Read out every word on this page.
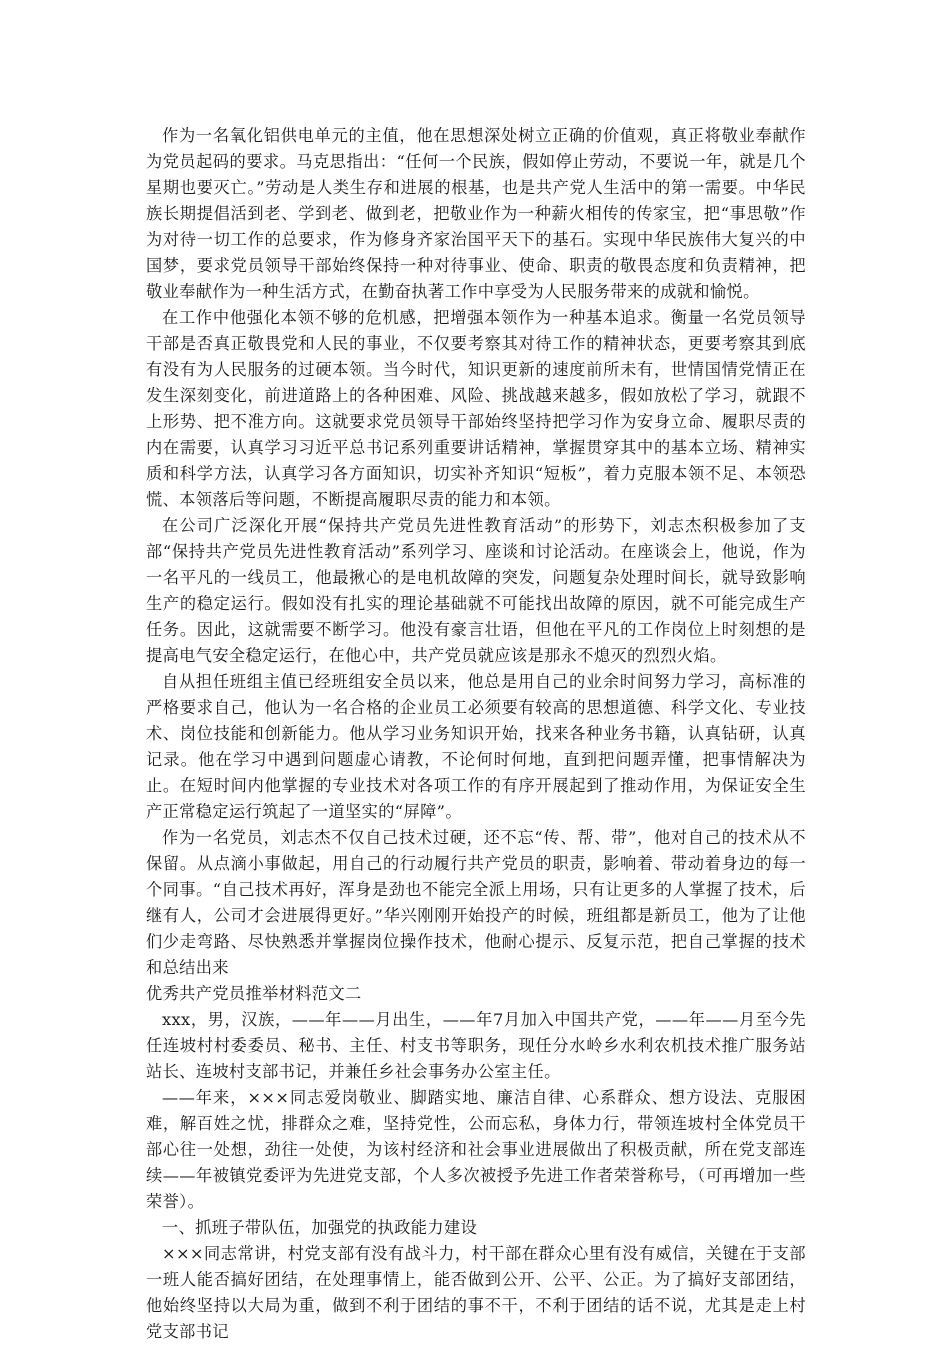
作为一名氧化铝供电单元的主值，他在思想深处树立正确的价值观，真正将敬业奉献作为党员起码的要求。马克思指出：“任何一个民族，假如停止劳动，不要说一年，就是几个星期也要灭亡。”劳动是人类生存和进展的根基，也是共产党人生活中的第一需要。中华民族长期提倡活到老、学到老、做到老，把敬业作为一种薪火相传的传家宝，把“事思敬”作为对待一切工作的总要求，作为修身齐家治国平天下的基石。实现中华民族伟大复兴的中国梦，要求党员领导干部始终保持一种对待事业、使命、职责的敬畏态度和负责精神，把敬业奉献作为一种生活方式，在勤奋执著工作中享受为人民服务带来的成就和愉悦。

在工作中他强化本领不够的危机感，把增强本领作为一种基本追求。衡量一名党员领导干部是否真正敬畏党和人民的事业，不仅要考察其对待工作的精神状态，更要考察其到底有没有为人民服务的过硬本领。当今时代，知识更新的速度前所未有，世情国情党情正在发生深刻变化，前进道路上的各种困难、风险、挑战越来越多，假如放松了学习，就跟不上形势、把不准方向。这就要求党员领导干部始终坚持把学习作为安身立命、履职尽责的内在需要，认真学习习近平总书记系列重要讲话精神，掌握贯穿其中的基本立场、精神实质和科学方法，认真学习各方面知识，切实补齐知识“短板”，着力克服本领不足、本领恐慌、本领落后等问题，不断提高履职尽责的能力和本领。

在公司广泛深化开展“保持共产党员先进性教育活动”的形势下，刘志杰积极参加了支部“保持共产党员先进性教育活动”系列学习、座谈和讨论活动。在座谈会上，他说，作为一名平凡的一线员工，他最揪心的是电机故障的突发，问题复杂处理时间长，就导致影响生产的稳定运行。假如没有扎实的理论基础就不可能找出故障的原因，就不可能完成生产任务。因此，这就需要不断学习。他没有豪言壮语，但他在平凡的工作岗位上时刻想的是提高电气安全稳定运行，在他心中，共产党员就应该是那永不熄灭的烈烈火焰。

自从担任班组主值已经班组安全员以来，他总是用自己的业余时间努力学习，高标准的严格要求自己，他认为一名合格的企业员工必须要有较高的思想道德、科学文化、专业技术、岗位技能和创新能力。他从学习业务知识开始，找来各种业务书籍，认真钻研，认真记录。他在学习中遇到问题虚心请教，不论何时何地，直到把问题弄懂，把事情解决为止。在短时间内他掌握的专业技术对各项工作的有序开展起到了推动作用，为保证安全生产正常稳定运行筑起了一道坚实的“屏障”。

作为一名党员，刘志杰不仅自己技术过硬，还不忘“传、帮、带”，他对自己的技术从不保留。从点滴小事做起，用自己的行动履行共产党员的职责，影响着、带动着身边的每一个同事。“自己技术再好，浑身是劲也不能完全派上用场，只有让更多的人掌握了技术，后继有人，公司才会进展得更好。”华兴刚刚开始投产的时候，班组都是新员工，他为了让他们少走弯路、尽快熟悉并掌握岗位操作技术，他耐心提示、反复示范，把自己掌握的技术和总结出来

优秀共产党员推举材料范文二

xxx，男，汉族，——年——月出生，——年7月加入中国共产党，——年——月至今先任连坡村村委委员、秘书、主任、村支书等职务，现任分水岭乡水利农机技术推广服务站站长、连坡村支部书记，并兼任乡社会事务办公室主任。

——年来，×××同志爱岗敬业、脚踏实地、廉洁自律、心系群众、想方设法、克服困难，解百姓之忧，排群众之难，坚持党性，公而忘私，身体力行，带领连坡村全体党员干部心往一处想，劲往一处使，为该村经济和社会事业进展做出了积极贡献，所在党支部连续——年被镇党委评为先进党支部，个人多次被授予先进工作者荣誉称号，（可再增加一些荣誉）。

一、抓班子带队伍，加强党的执政能力建设

×××同志常讲，村党支部有没有战斗力，村干部在群众心里有没有威信，关键在于支部一班人能否搞好团结，在处理事情上，能否做到公开、公平、公正。为了搞好支部团结，他始终坚持以大局为重，做到不利于团结的事不干，不利于团结的话不说，尤其是走上村党支部书记
